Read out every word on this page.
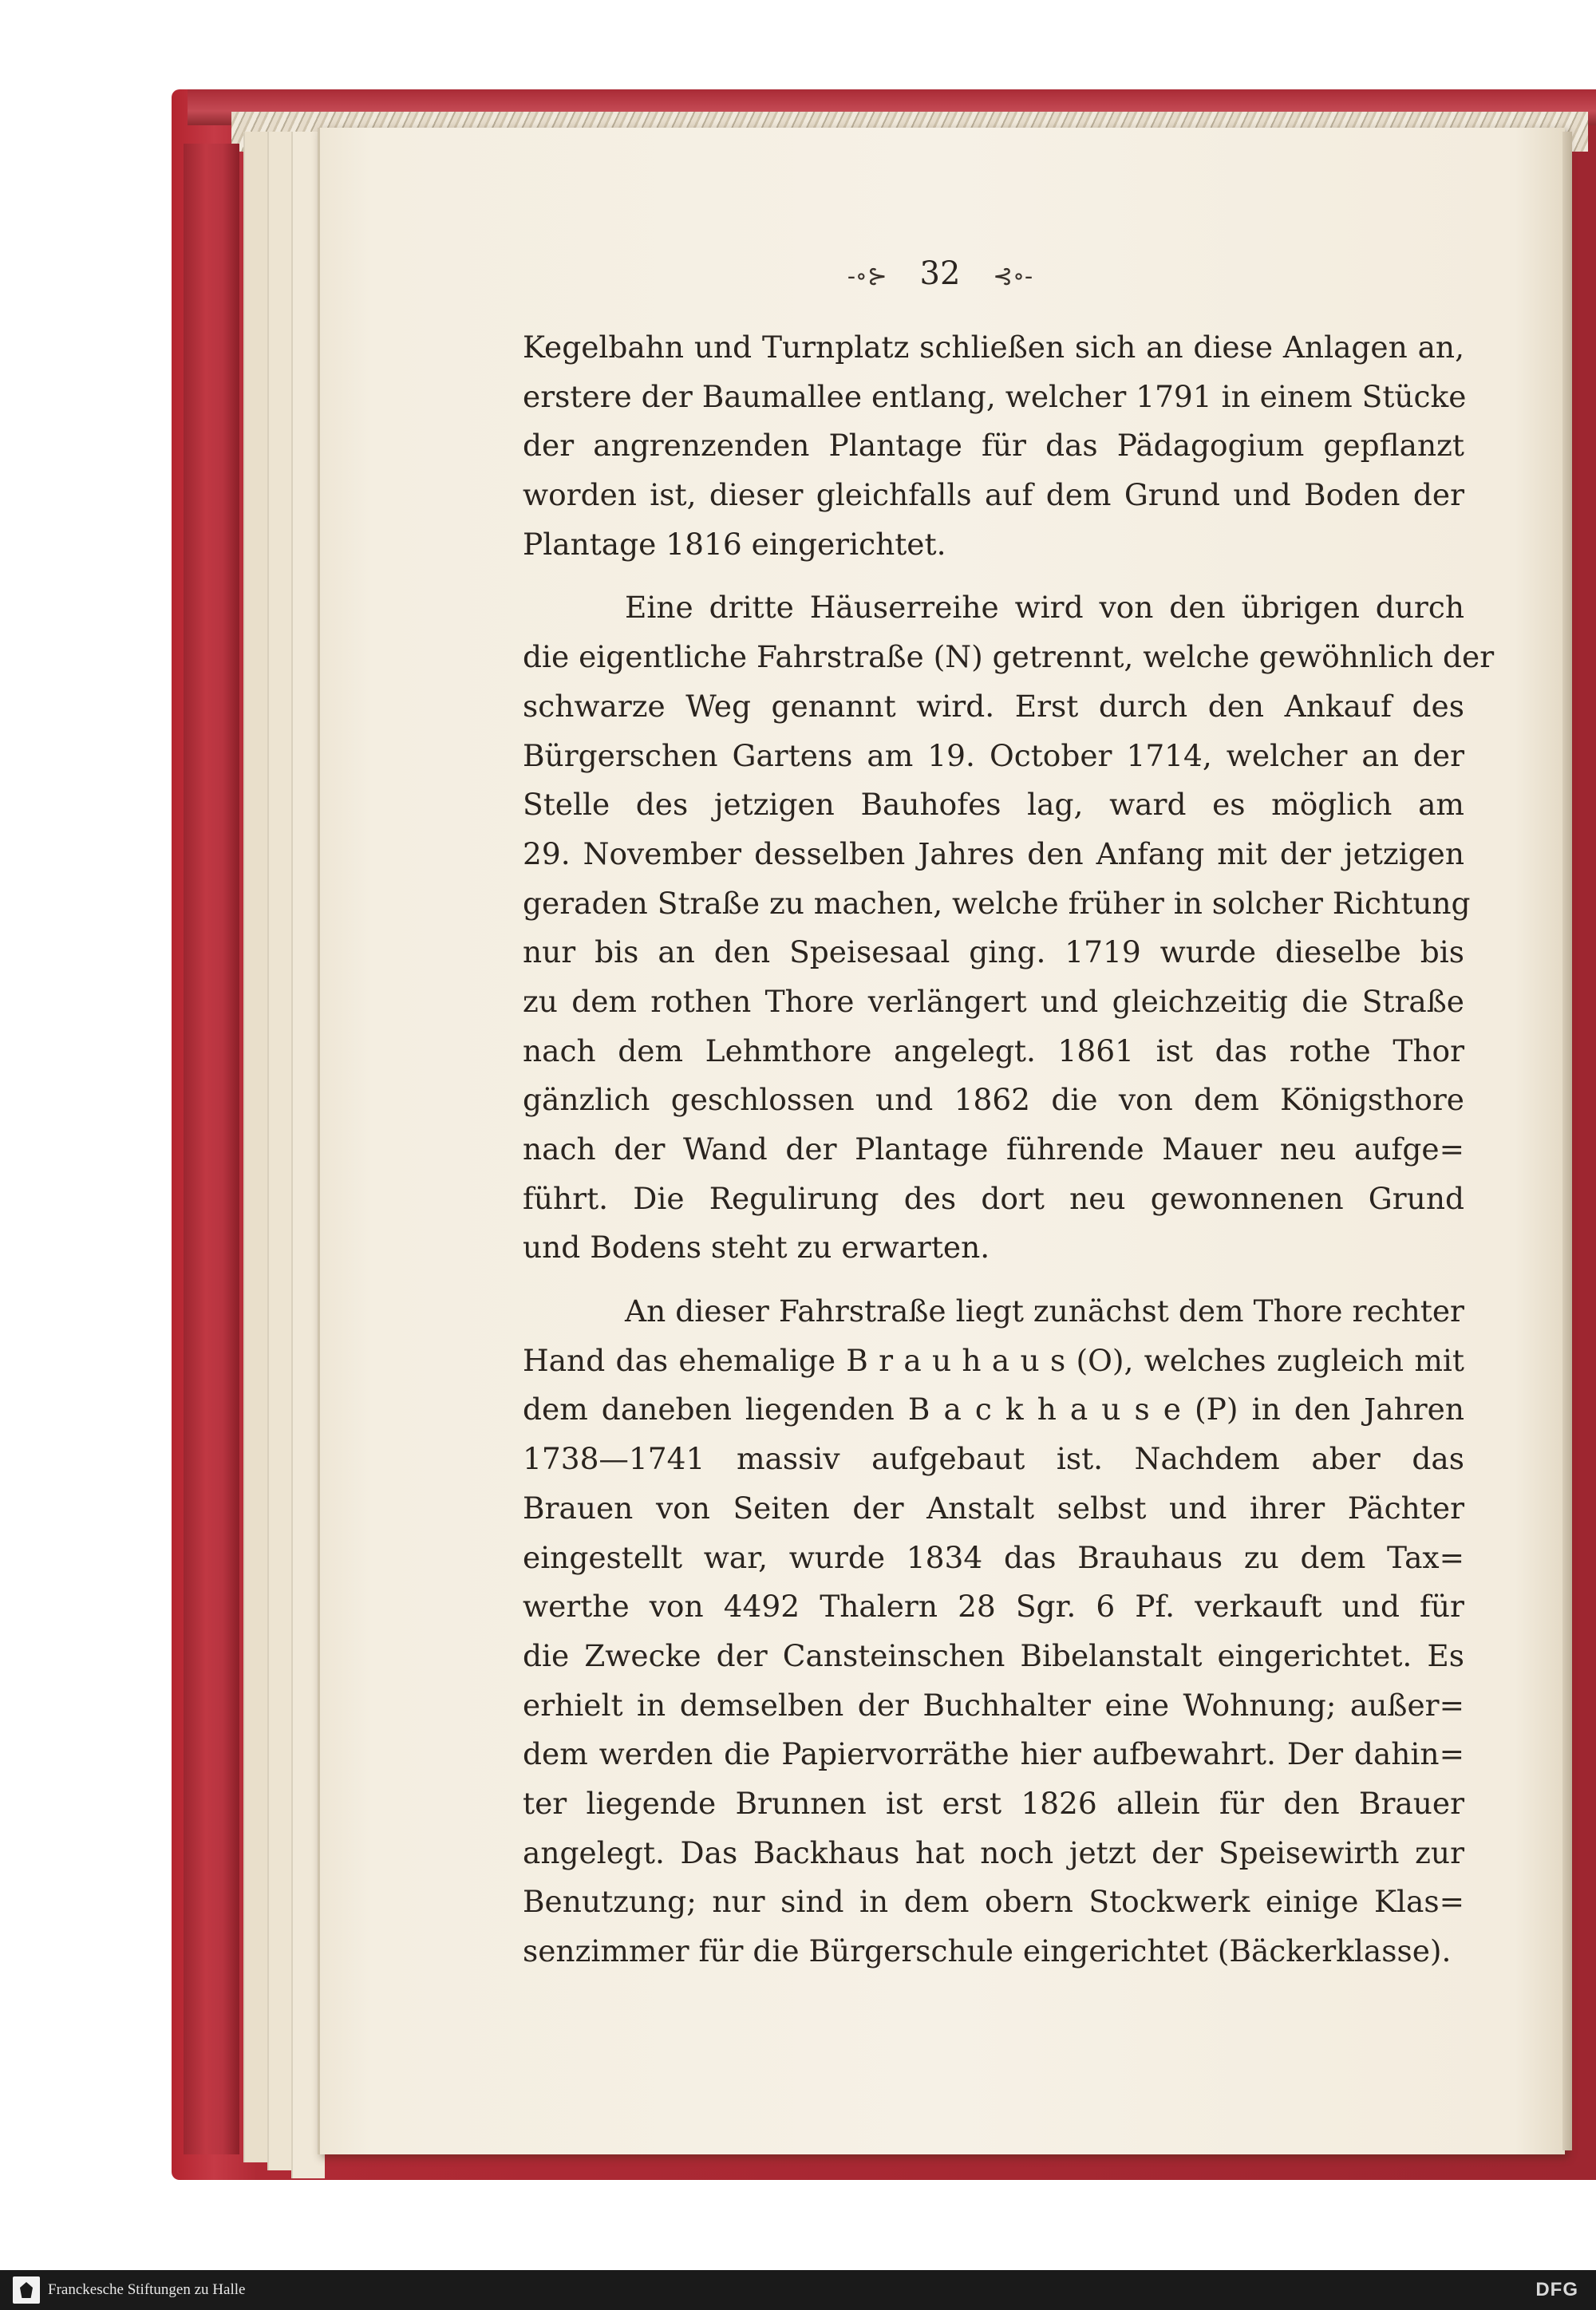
-∘⊱ 32 ⊰∘-
Kegelbahn und Turnplatz schließen sich an diese Anlagen an,
erstere der Baumallee entlang, welcher 1791 in einem Stücke
der angrenzenden Plantage für das Pädagogium gepflanzt
worden ist, dieser gleichfalls auf dem Grund und Boden der
Plantage 1816 eingerichtet.
Eine dritte Häuserreihe wird von den übrigen durch
die eigentliche Fahrstraße (N) getrennt, welche gewöhnlich der
schwarze Weg genannt wird. Erst durch den Ankauf des
Bürgerschen Gartens am 19. October 1714, welcher an der
Stelle des jetzigen Bauhofes lag, ward es möglich am
29. November desselben Jahres den Anfang mit der jetzigen
geraden Straße zu machen, welche früher in solcher Richtung
nur bis an den Speisesaal ging. 1719 wurde dieselbe bis
zu dem rothen Thore verlängert und gleichzeitig die Straße
nach dem Lehmthore angelegt. 1861 ist das rothe Thor
gänzlich geschlossen und 1862 die von dem Königsthore
nach der Wand der Plantage führende Mauer neu aufge=
führt. Die Regulirung des dort neu gewonnenen Grund
und Bodens steht zu erwarten.
An dieser Fahrstraße liegt zunächst dem Thore rechter
Hand das ehemalige B r a u h a u s (O), welches zugleich mit
dem daneben liegenden B a c k h a u s e (P) in den Jahren
1738—1741 massiv aufgebaut ist. Nachdem aber das
Brauen von Seiten der Anstalt selbst und ihrer Pächter
eingestellt war, wurde 1834 das Brauhaus zu dem Tax=
werthe von 4492 Thalern 28 Sgr. 6 Pf. verkauft und für
die Zwecke der Cansteinschen Bibelanstalt eingerichtet. Es
erhielt in demselben der Buchhalter eine Wohnung; außer=
dem werden die Papiervorräthe hier aufbewahrt. Der dahin=
ter liegende Brunnen ist erst 1826 allein für den Brauer
angelegt. Das Backhaus hat noch jetzt der Speisewirth zur
Benutzung; nur sind in dem obern Stockwerk einige Klas=
senzimmer für die Bürgerschule eingerichtet (Bäckerklasse).
Franckesche Stiftungen zu Halle	DFG
